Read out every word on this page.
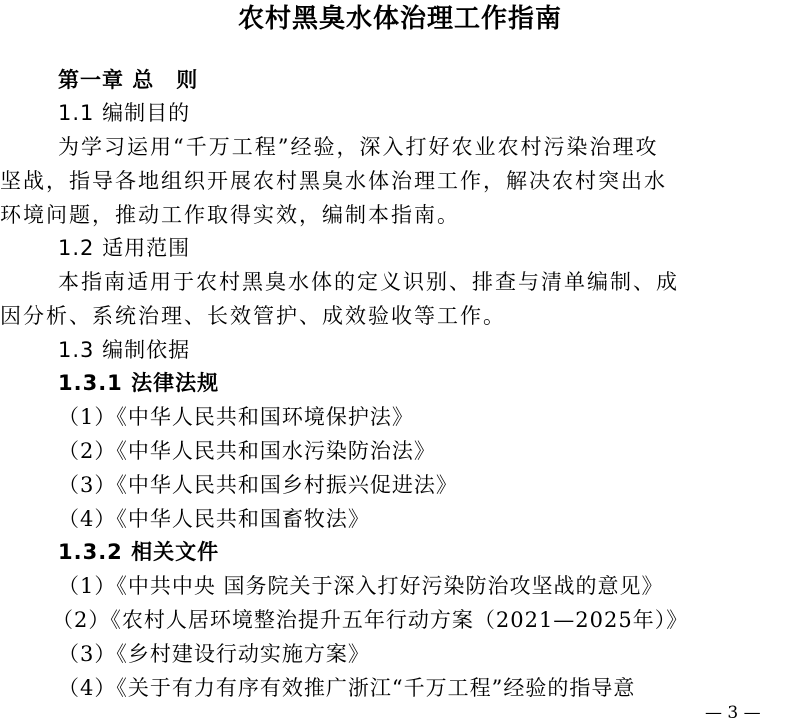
农村黑臭水体治理工作指南
第一章 总　则
1.1 编制目的
为学习运用“千万工程”经验，深入打好农业农村污染治理攻
坚战，指导各地组织开展农村黑臭水体治理工作，解决农村突出水
环境问题，推动工作取得实效，编制本指南。
1.2 适用范围
本指南适用于农村黑臭水体的定义识别、排查与清单编制、成
因分析、系统治理、长效管护、成效验收等工作。
1.3 编制依据
1.3.1 法律法规
（1）《中华人民共和国环境保护法》
（2）《中华人民共和国水污染防治法》
（3）《中华人民共和国乡村振兴促进法》
（4）《中华人民共和国畜牧法》
1.3.2 相关文件
（1）《中共中央 国务院关于深入打好污染防治攻坚战的意见》
（2）《农村人居环境整治提升五年行动方案（2021—2025年）》
（3）《乡村建设行动实施方案》
（4）《关于有力有序有效推广浙江“千万工程”经验的指导意
— 3 —
